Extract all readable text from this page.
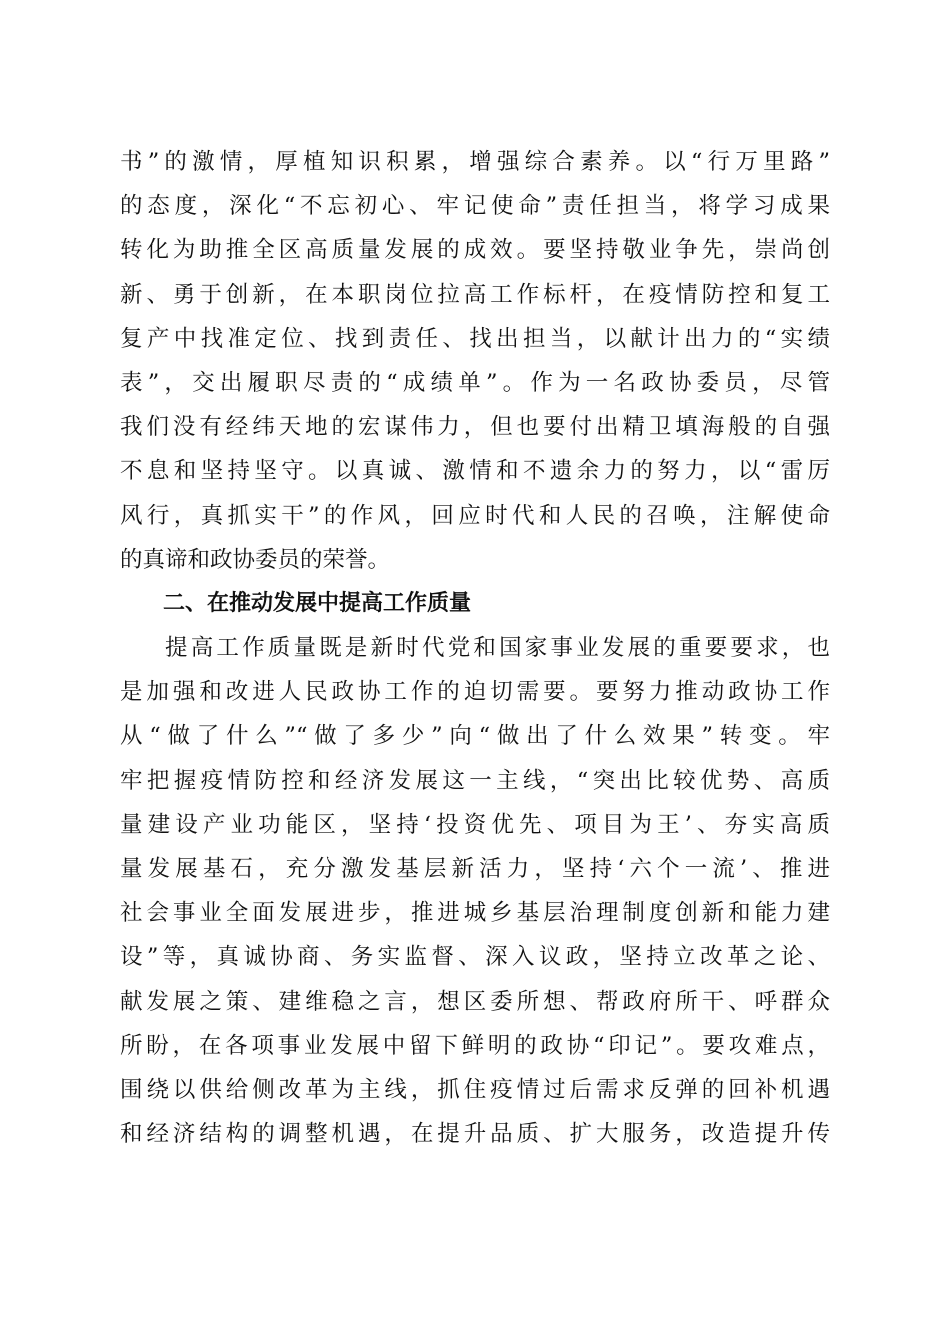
书”的激情，厚植知识积累，增强综合素养。以“行万里路”
的态度，深化“不忘初心、牢记使命”责任担当，将学习成果
转化为助推全区高质量发展的成效。要坚持敬业争先，崇尚创
新、勇于创新，在本职岗位拉高工作标杆，在疫情防控和复工
复产中找准定位、找到责任、找出担当，以献计出力的“实绩
表”，交出履职尽责的“成绩单”。作为一名政协委员，尽管
我们没有经纬天地的宏谋伟力，但也要付出精卫填海般的自强
不息和坚持坚守。以真诚、激情和不遗余力的努力，以“雷厉
风行，真抓实干”的作风，回应时代和人民的召唤，注解使命
的真谛和政协委员的荣誉。
二、在推动发展中提高工作质量
提高工作质量既是新时代党和国家事业发展的重要要求，也
是加强和改进人民政协工作的迫切需要。要努力推动政协工作
从“做了什么”“做了多少”向“做出了什么效果”转变。牢
牢把握疫情防控和经济发展这一主线，“突出比较优势、高质
量建设产业功能区，坚持‘投资优先、项目为王’、夯实高质
量发展基石，充分激发基层新活力，坚持‘六个一流’、推进
社会事业全面发展进步，推进城乡基层治理制度创新和能力建
设”等，真诚协商、务实监督、深入议政，坚持立改革之论、
献发展之策、建维稳之言，想区委所想、帮政府所干、呼群众
所盼，在各项事业发展中留下鲜明的政协“印记”。要攻难点，
围绕以供给侧改革为主线，抓住疫情过后需求反弹的回补机遇
和经济结构的调整机遇，在提升品质、扩大服务，改造提升传
